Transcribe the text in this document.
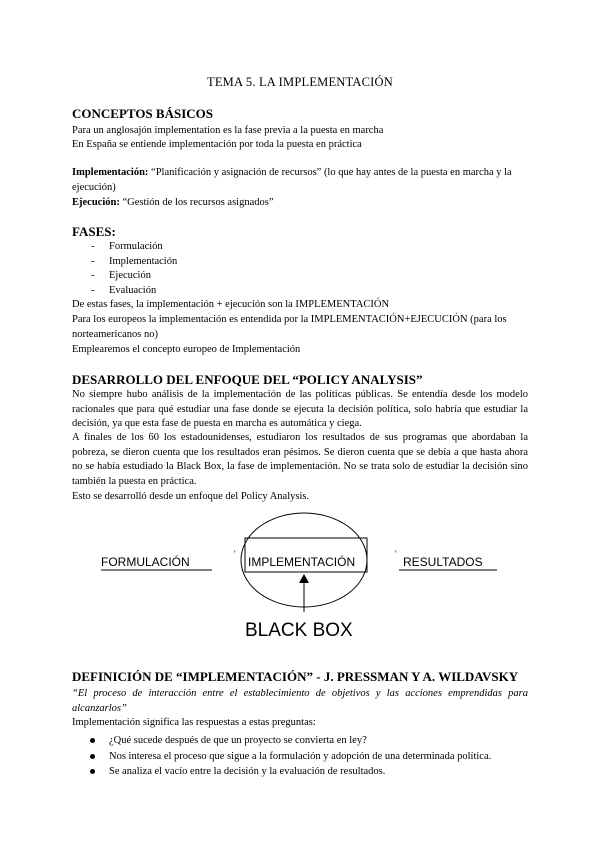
TEMA 5. LA IMPLEMENTACIÓN
CONCEPTOS BÁSICOS

Para un anglosajón implementation es la fase previa a la puesta en marcha

En España se entiende implementación por toda la puesta en práctica

Implementación: “Planificación y asignación de recursos” (lo que hay antes de la puesta en marcha y la ejecución)

Ejecución: “Gestión de los recursos asignados”

FASES:
- Formulación
- Implementación
- Ejecución
- Evaluación

De estas fases, la implementación + ejecución son la IMPLEMENTACIÓN

Para los europeos la implementación es entendida por la IMPLEMENTACIÓN+EJECUCIÓN (para los norteamericanos no)

Emplearemos el concepto europeo de Implementación

DESARROLLO DEL ENFOQUE DEL “POLICY ANALYSIS”

No siempre hubo análisis de la implementación de las políticas públicas. Se entendía desde los modelo racionales que para qué estudiar una fase donde se ejecuta la decisión política, solo habría que estudiar la decisión, ya que esta fase de puesta en marcha es automática y ciega.

A finales de los 60 los estadounidenses, estudiaron los resultados de sus programas que abordaban la pobreza, se dieron cuenta que los resultados eran pésimos. Se dieron cuenta que se debía a que hasta ahora no se había estudiado la Black Box, la fase de implementación. No se trata solo de estudiar la decisión sino también la puesta en práctica.

Esto se desarrolló desde un enfoque del Policy Analysis.

FORMULACIÓN
'
IMPLEMENTACIÓN
'
RESULTADOS
BLACK BOX
DEFINICIÓN DE “IMPLEMENTACIÓN” - J. PRESSMAN Y A. WILDAVSKY

“El proceso de interacción entre el establecimiento de objetivos y las acciones emprendidas para alcanzarlos”

Implementación significa las respuestas a estas preguntas:

¿Qué sucede después de que un proyecto se convierta en ley?
Nos interesa el proceso que sigue a la formulación y adopción de una determinada política.
Se analiza el vacío entre la decisión y la evaluación de resultados.
